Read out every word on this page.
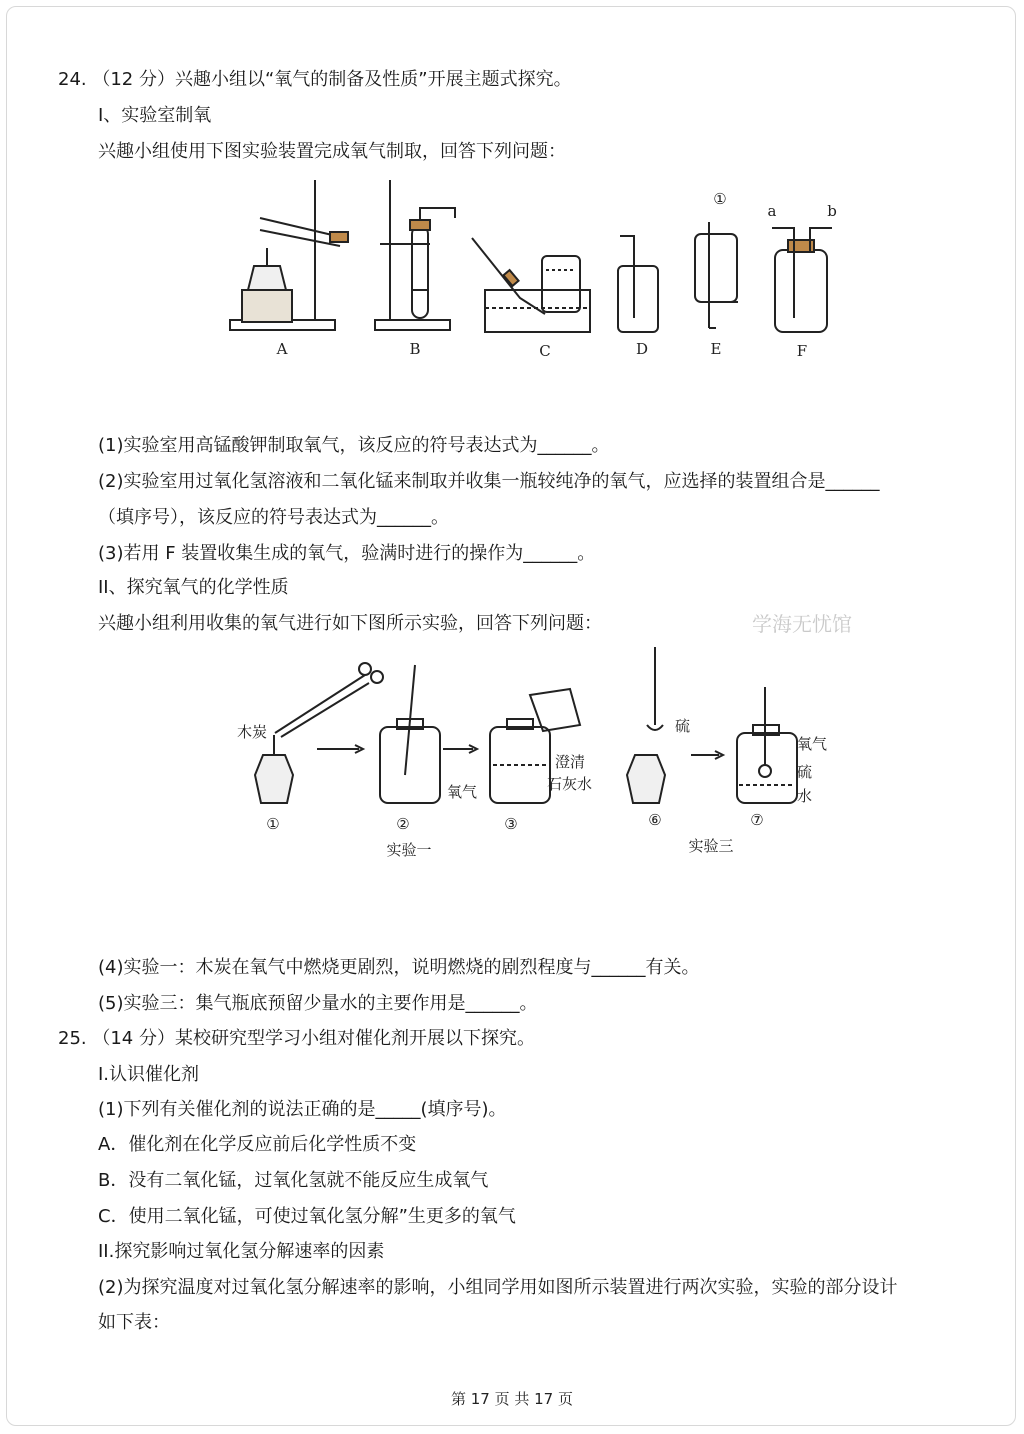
24. （12 分）兴趣小组以“氧气的制备及性质”开展主题式探究。
I、实验室制氧
兴趣小组使用下图实验装置完成氧气制取，回答下列问题：
A	B	C	D	E	F
①
a	b
(1)实验室用高锰酸钾制取氧气，该反应的符号表达式为______。
(2)实验室用过氧化氢溶液和二氧化锰来制取并收集一瓶较纯净的氧气，应选择的装置组合是______
（填序号），该反应的符号表达式为______。
(3)若用 F 装置收集生成的氧气，验满时进行的操作为______。
II、探究氧气的化学性质
兴趣小组利用收集的氧气进行如下图所示实验，回答下列问题：	学海无忧馆
木炭
氧气
澄清
石灰水
硫
氧气
硫
水
①	②	③	⑥	⑦
实验一	实验三
(4)实验一：木炭在氧气中燃烧更剧烈，说明燃烧的剧烈程度与______有关。
(5)实验三：集气瓶底预留少量水的主要作用是______。
25. （14 分）某校研究型学习小组对催化剂开展以下探究。
I.认识催化剂
(1)下列有关催化剂的说法正确的是_____(填序号)。
A．催化剂在化学反应前后化学性质不变
B．没有二氧化锰，过氧化氢就不能反应生成氧气
C．使用二氧化锰，可使过氧化氢分解”生更多的氧气
II.探究影响过氧化氢分解速率的因素
(2)为探究温度对过氧化氢分解速率的影响，小组同学用如图所示装置进行两次实验，实验的部分设计
如下表：
第 17 页 共 17 页
